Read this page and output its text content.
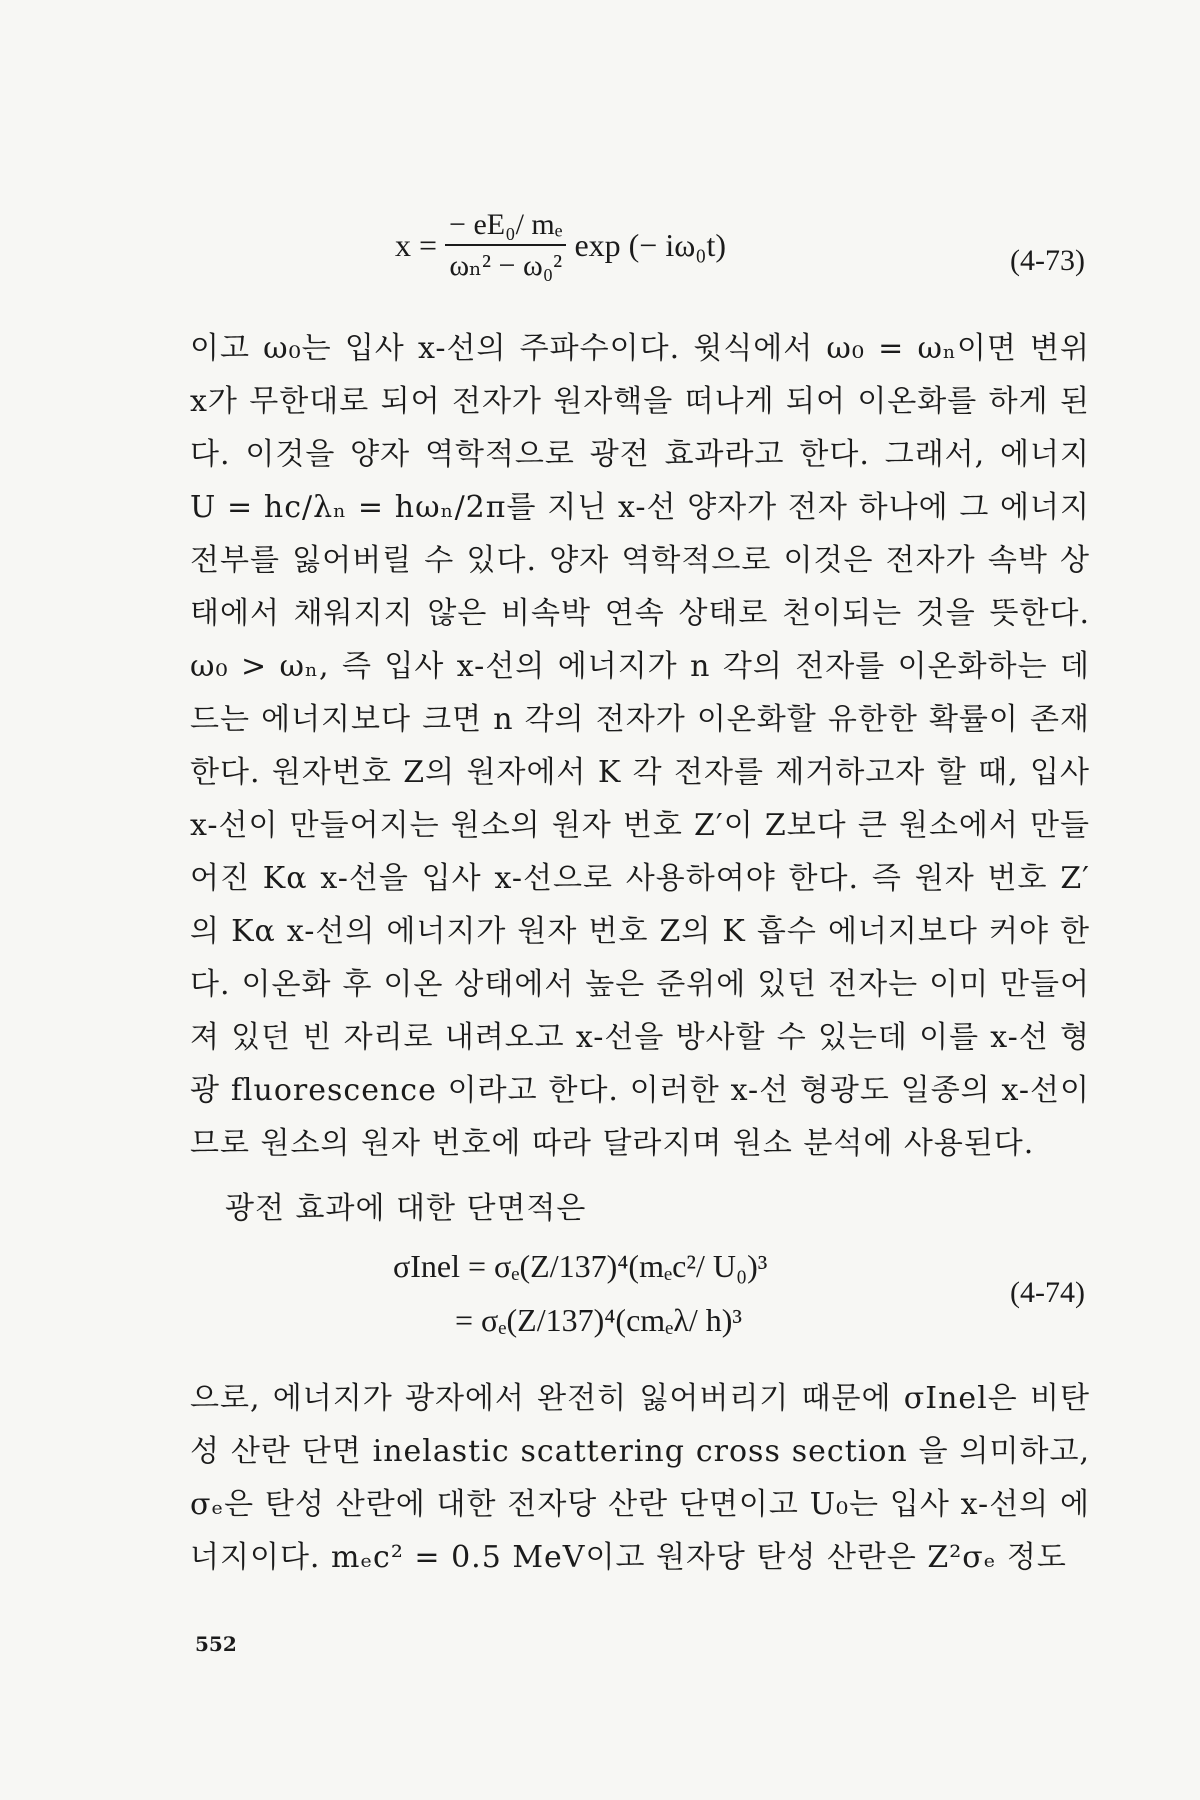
$x = \frac{\text{− eE₀/ mₑ}}{\text{ωₙ² − ω₀²}}$ exp (− iω₀t)	(4-73)

이고 ω₀는 입사 x-선의 주파수이다. 윗식에서 ω₀ = ωₙ이면 변위 x가 무한대로 되어 전자가 원자핵을 떠나게 되어 이온화를 하게 된다. 이것을 양자 역학적으로 광전 효과라고 한다. 그래서, 에너지 U = hc/λₙ = hωₙ/2π를 지닌 x-선 양자가 전자 하나에 그 에너지 전부를 잃어버릴 수 있다. 양자 역학적으로 이것은 전자가 속박 상태에서 채워지지 않은 비속박 연속 상태로 천이되는 것을 뜻한다. ω₀ > ωₙ, 즉 입사 x-선의 에너지가 n 각의 전자를 이온화하는 데 드는 에너지보다 크면 n 각의 전자가 이온화할 유한한 확률이 존재한다. 원자번호 Z의 원자에서 K 각 전자를 제거하고자 할 때, 입사 x-선이 만들어지는 원소의 원자 번호 Z′이 Z보다 큰 원소에서 만들어진 Kα x-선을 입사 x-선으로 사용하여야 한다. 즉 원자 번호 Z′의 Kα x-선의 에너지가 원자 번호 Z의 K 흡수 에너지보다 커야 한다. 이온화 후 이온 상태에서 높은 준위에 있던 전자는 이미 만들어져 있던 빈 자리로 내려오고 x-선을 방사할 수 있는데 이를 x-선 형광 fluorescence 이라고 한다. 이러한 x-선 형광도 일종의 x-선이므로 원소의 원자 번호에 따라 달라지며 원소 분석에 사용된다.

광전 효과에 대한 단면적은
σInel = σₑ(Z/137)⁴(mₑc²/ U₀)³
= σₑ(Z/137)⁴(cmₑλ/ h)³
(4-74)

으로, 에너지가 광자에서 완전히 잃어버리기 때문에 σInel은 비탄성 산란 단면 inelastic scattering cross section 을 의미하고, σₑ은 탄성 산란에 대한 전자당 산란 단면이고 U₀는 입사 x-선의 에너지이다. mₑc² = 0.5 MeV이고 원자당 탄성 산란은 Z²σₑ 정도

552
